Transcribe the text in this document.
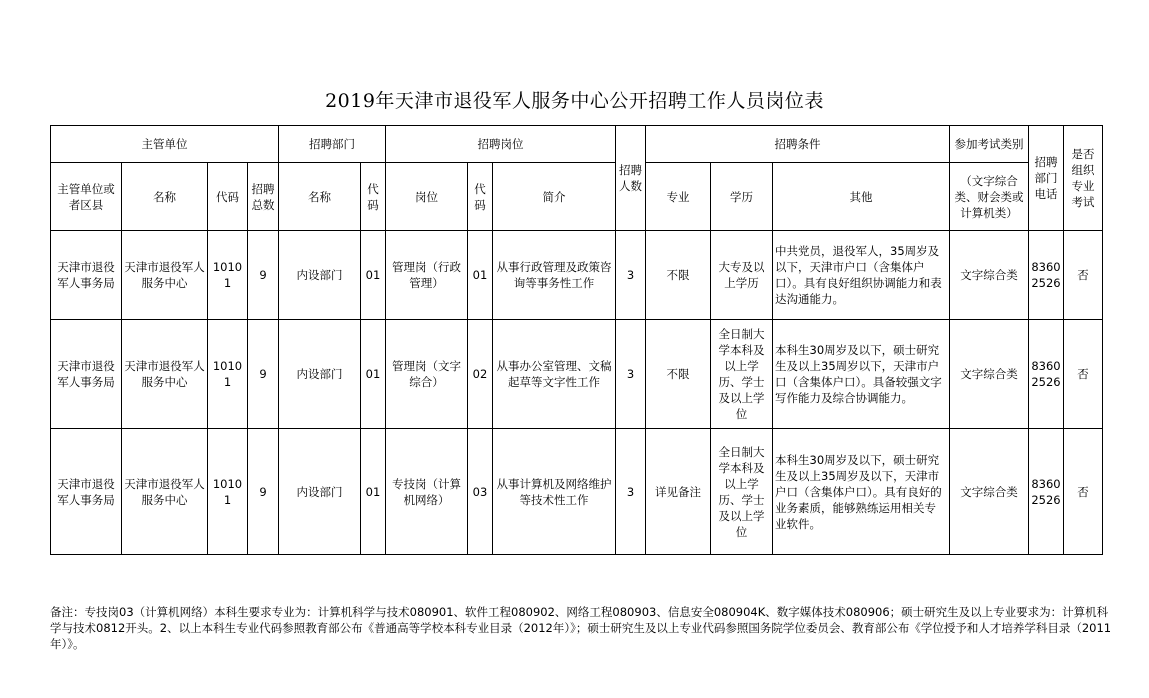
2019年天津市退役军人服务中心公开招聘工作人员岗位表
主管单位				招聘部门		招聘岗位			招聘人数	招聘条件			参加考试类别	招聘部门电话	是否组织专业考试
主管单位或者区县	名称	代码	招聘总数	名称	代码	岗位	代码	简介		专业	学历	其他	（文字综合类、财会类或计算机类）		
天津市退役军人事务局	天津市退役军人服务中心	10101	9	内设部门	01	管理岗（行政管理）	01	从事行政管理及政策咨询等事务性工作	3	不限	大专及以上学历	中共党员，退役军人，35周岁及以下，天津市户口（含集体户口）。具有良好组织协调能力和表达沟通能力。	文字综合类	83602526	否
天津市退役军人事务局	天津市退役军人服务中心	10101	9	内设部门	01	管理岗（文字综合）	02	从事办公室管理、文稿起草等文字性工作	3	不限	全日制大学本科及以上学历、学士及以上学位	本科生30周岁及以下，硕士研究生及以上35周岁以下，天津市户口（含集体户口）。具备较强文字写作能力及综合协调能力。	文字综合类	83602526	否
天津市退役军人事务局	天津市退役军人服务中心	10101	9	内设部门	01	专技岗（计算机网络）	03	从事计算机及网络维护等技术性工作	3	详见备注	全日制大学本科及以上学历、学士及以上学位	本科生30周岁及以下，硕士研究生及以上35周岁及以下，天津市户口（含集体户口）。具有良好的业务素质，能够熟练运用相关专业软件。	文字综合类	83602526	否
备注：专技岗03（计算机网络）本科生要求专业为：计算机科学与技术080901、软件工程080902、网络工程080903、信息安全080904K、数字媒体技术080906；硕士研究生及以上专业要求为：计算机科学与技术0812开头。2、以上本科生专业代码参照教育部公布《普通高等学校本科专业目录（2012年）》；硕士研究生及以上专业代码参照国务院学位委员会、教育部公布《学位授予和人才培养学科目录（2011年）》。
